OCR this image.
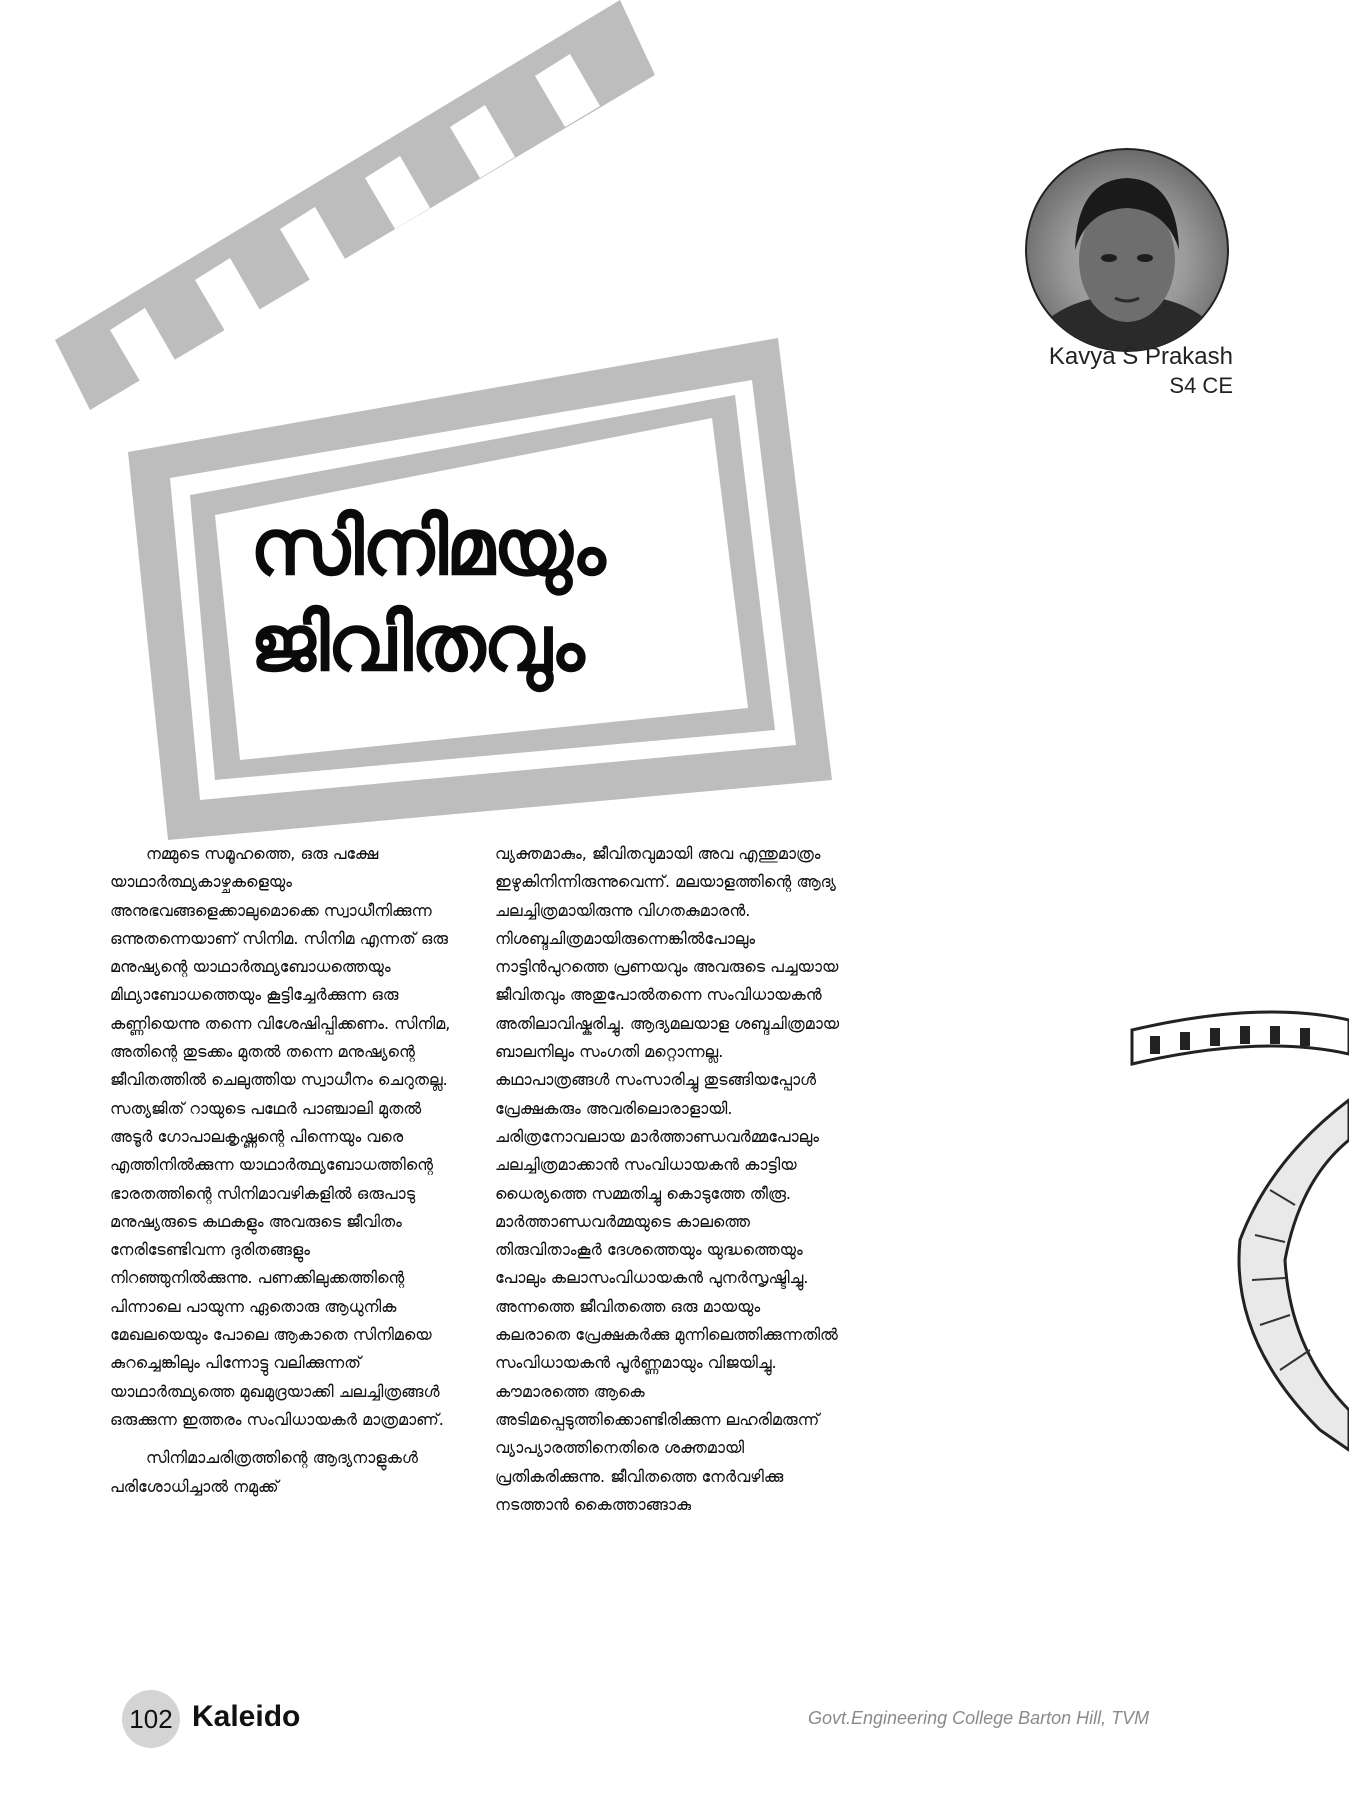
സിനിമയും
ജിവിതവും
Kavya S Prakash
S4 CE

നമ്മുടെ സമൂഹത്തെ, ഒരു പക്ഷേ യാഥാർത്ഥ്യകാഴ്ചകളെയും അനുഭവങ്ങളെക്കാലുമൊക്കെ സ്വാധീനിക്കുന്ന ഒന്നുതന്നെയാണ് സിനിമ. സിനിമ എന്നത് ഒരു മനുഷ്യന്റെ യാഥാർത്ഥ്യബോധത്തെയും മിഥ്യാബോധത്തെയും കൂട്ടിച്ചേർക്കുന്ന ഒരു കണ്ണിയെന്നു തന്നെ വിശേഷിപ്പിക്കണം. സിനിമ, അതിന്റെ തുടക്കം മുതൽ തന്നെ മനുഷ്യന്റെ ജീവിതത്തിൽ ചെലുത്തിയ സ്വാധീനം ചെറുതല്ല. സത്യജിത് റായുടെ പഥേർ പാഞ്ചാലി മുതൽ അടൂർ ഗോപാലകൃഷ്ണന്റെ പിന്നെയും വരെ എത്തിനിൽക്കുന്ന യാഥാർത്ഥ്യബോധത്തിന്റെ ഭാരതത്തിന്റെ സിനിമാവഴികളിൽ ഒരുപാടു മനുഷ്യരുടെ കഥകളും അവരുടെ ജീവിതം നേരിടേണ്ടിവന്ന ദുരിതങ്ങളും നിറഞ്ഞുനിൽക്കുന്നു. പണക്കിലുക്കത്തിന്റെ പിന്നാലെ പായുന്ന ഏതൊരു ആധുനിക മേഖലയെയും പോലെ ആകാതെ സിനിമയെ കുറച്ചെങ്കിലും പിന്നോട്ടു വലിക്കുന്നത് യാഥാർത്ഥ്യത്തെ മുഖമുദ്രയാക്കി ചലച്ചിത്രങ്ങൾ ഒരുക്കുന്ന ഇത്തരം സംവിധായകർ മാത്രമാണ്.

സിനിമാചരിത്രത്തിന്റെ ആദ്യനാളുകൾ പരിശോധിച്ചാൽ നമുക്ക്

വ്യക്തമാകും, ജീവിതവുമായി അവ എന്തുമാത്രം ഇഴുകിനിന്നിരുന്നുവെന്ന്. മലയാളത്തിന്റെ ആദ്യ ചലച്ചിത്രമായിരുന്നു വിഗതകുമാരൻ. നിശബ്ദചിത്രമായിരുന്നെങ്കിൽപോലും നാട്ടിൻപുറത്തെ പ്രണയവും അവരുടെ പച്ചയായ ജീവിതവും അതുപോൽതന്നെ സംവിധായകൻ അതിലാവിഷ്കരിച്ചു. ആദ്യമലയാള ശബ്ദചിത്രമായ ബാലനിലും സംഗതി മറ്റൊന്നല്ല. കഥാപാത്രങ്ങൾ സംസാരിച്ചു തുടങ്ങിയപ്പോൾ പ്രേക്ഷകരും അവരിലൊരാളായി. ചരിത്രനോവലായ മാർത്താണ്ഡവർമ്മപോലും ചലച്ചിത്രമാക്കാൻ സംവിധായകൻ കാട്ടിയ ധൈര്യത്തെ സമ്മതിച്ചു കൊടുത്തേ തീരൂ. മാർത്താണ്ഡവർമ്മയുടെ കാലത്തെ തിരുവിതാംകൂർ ദേശത്തെയും യുദ്ധത്തെയും പോലും കലാസംവിധായകൻ പുനർസൃഷ്ടിച്ചു. അന്നത്തെ ജീവിതത്തെ ഒരു മായയും കലരാതെ പ്രേക്ഷകർക്കു മുന്നിലെത്തിക്കുന്നതിൽ സംവിധായകൻ പൂർണ്ണമായും വിജയിച്ചു. കൗമാരത്തെ ആകെ അടിമപ്പെടുത്തിക്കൊണ്ടിരിക്കുന്ന ലഹരിമരുന്ന് വ്യാപ്യാരത്തിനെതിരെ ശക്തമായി പ്രതികരിക്കുന്നു. ജീവിതത്തെ നേർവഴിക്കു നടത്താൻ കൈത്താങ്ങാകു

102 Kaleido	Govt.Engineering College Barton Hill, TVM
